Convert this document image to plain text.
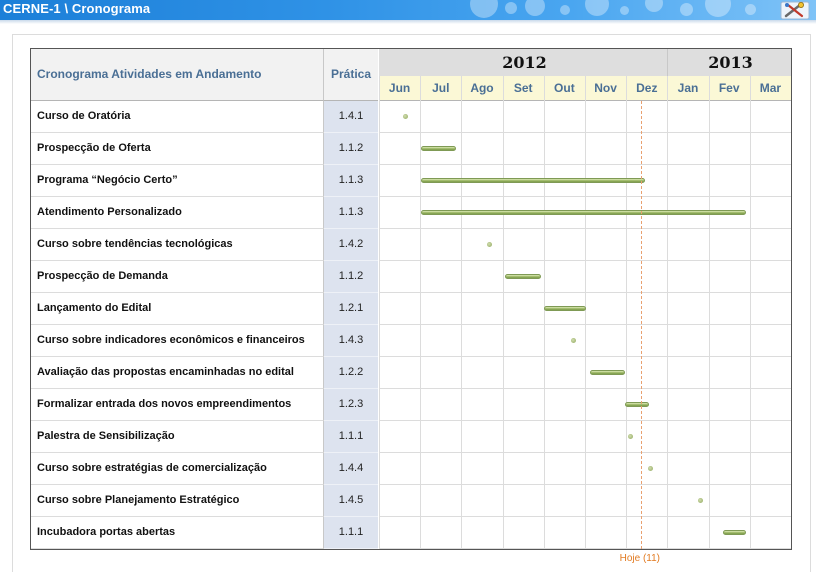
CERNE-1 \ Cronograma
Cronograma Atividades em Andamento	Prática
2012	2013
Jun	Jul	Ago	Set	Out	Nov	Dez	Jan	Fev	Mar
Curso de Oratória	1.4.1
Prospecção de Oferta	1.1.2
Programa “Negócio Certo”	1.1.3
Atendimento Personalizado	1.1.3
Curso sobre tendências tecnológicas	1.4.2
Prospecção de Demanda	1.1.2
Lançamento do Edital	1.2.1
Curso sobre indicadores econômicos e financeiros	1.4.3
Avaliação das propostas encaminhadas no edital	1.2.2
Formalizar entrada dos novos empreendimentos	1.2.3
Palestra de Sensibilização	1.1.1
Curso sobre estratégias de comercialização	1.4.4
Curso sobre Planejamento Estratégico	1.4.5
Incubadora portas abertas	1.1.1
Hoje (11)
